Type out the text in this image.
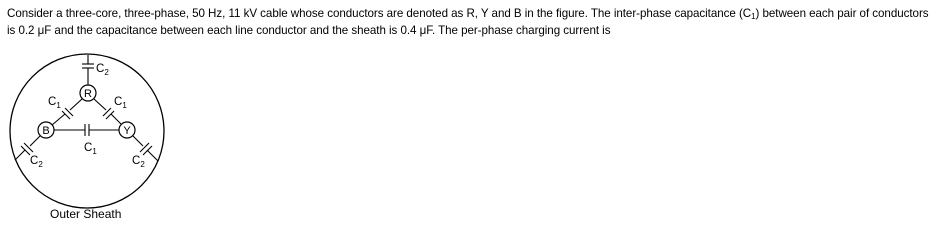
Consider a three-core, three-phase, 50 Hz, 11 kV cable whose conductors are denoted as R, Y and B in the figure. The inter-phase capacitance $(C_1)$ between each pair of conductors is 0.2 μF and the capacitance between each line conductor and the sheath is 0.4 μF. The per-phase charging current is

R
B	Y
$C_2$
$C_1$	$C_1$
$C_1$
$C_2$	$C_2$

Outer Sheath
